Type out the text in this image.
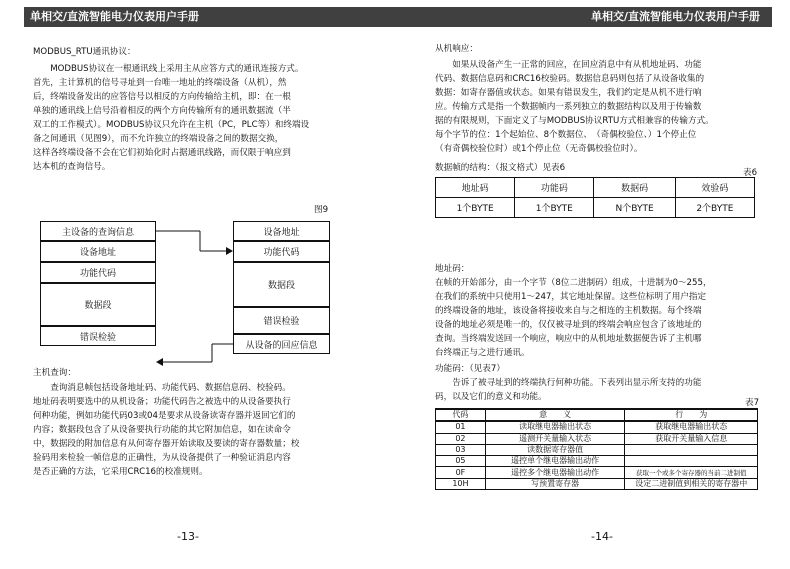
单相交/直流智能电力仪表用户手册
MODBUS_RTU通讯协议：
　　MODBUS协议在一根通讯线上采用主从应答方式的通讯连接方式。
首先，主计算机的信号寻址到一台唯一地址的终端设备（从机），然
后，终端设备发出的应答信号以相反的方向传输给主机，即：在一根
单独的通讯线上信号沿着相反的两个方向传输所有的通讯数据流（半
双工的工作模式）。MODBUS协议只允许在主机（PC，PLC等）和终端设
备之间通讯（见图9），而不允许独立的终端设备之间的数据交换，
这样各终端设备不会在它们初始化时占据通讯线路，而仅限于响应到
达本机的查询信号。
图9
主设备的查询信息
设备地址
功能代码
数据段
错误检验
设备地址
功能代码
数据段
错误检验
从设备的回应信息
主机查询：
　　查询消息帧包括设备地址码、功能代码、数据信息码、校验码。
地址码表明要选中的从机设备；功能代码告之被选中的从设备要执行
何种功能，例如功能代码03或04是要求从设备读寄存器并返回它们的
内容；数据段包含了从设备要执行功能的其它附加信息，如在读命令
中，数据段的附加信息有从何寄存器开始读取及要读的寄存器数量；校
验码用来检验一帧信息的正确性，为从设备提供了一种验证消息内容
是否正确的方法，它采用CRC16的校准规则。
-13-
单相交/直流智能电力仪表用户手册
从机响应：
　　如果从设备产生一正常的回应，在回应消息中有从机地址码、功能
代码、数据信息码和CRC16校验码。数据信息码则包括了从设备收集的
数据：如寄存器值或状态。如果有错误发生，我们约定是从机不进行响
应。传输方式是指一个数据帧内一系列独立的数据结构以及用于传输数
据的有限规则，下面定义了与MODBUS协议RTU方式相兼容的传输方式。
每个字节的位：1个起始位、8个数据位、　（奇偶校验位、）1个停止位
（有奇偶校验位时）或1个停止位（无奇偶校验位时）。
数据帧的结构：（报文格式）见表6	表6
地址码	功能码	数据码	效验码
1个BYTE	1个BYTE	N个BYTE	2个BYTE
地址码：
在帧的开始部分，由一个字节（8位二进制码）组成，十进制为0～255，
在我们的系统中只使用1～247，其它地址保留。这些位标明了用户指定
的终端设备的地址，该设备将接收来自与之相连的主机数据。每个终端
设备的地址必须是唯一的，仅仅被寻址到的终端会响应包含了该地址的
查询。当终端发送回一个响应，响应中的从机地址数据便告诉了主机哪
台终端正与之进行通讯。
功能码：（见表7）
　　告诉了被寻址到的终端执行何种功能。下表列出显示所支持的功能
码，以及它们的意义和功能。
表7
代码	意　　义	行　　为
01	读取继电器输出状态	获取继电器输出状态
02	遥测开关量输入状态	获取开关量输入信息
03	读数据寄存器值	
05	遥控单个继电器输出动作	
0F	遥控多个继电器输出动作	获取一个或多个寄存器的当前二进制值
10H	写预置寄存器	设定二进制值到相关的寄存器中
-14-
